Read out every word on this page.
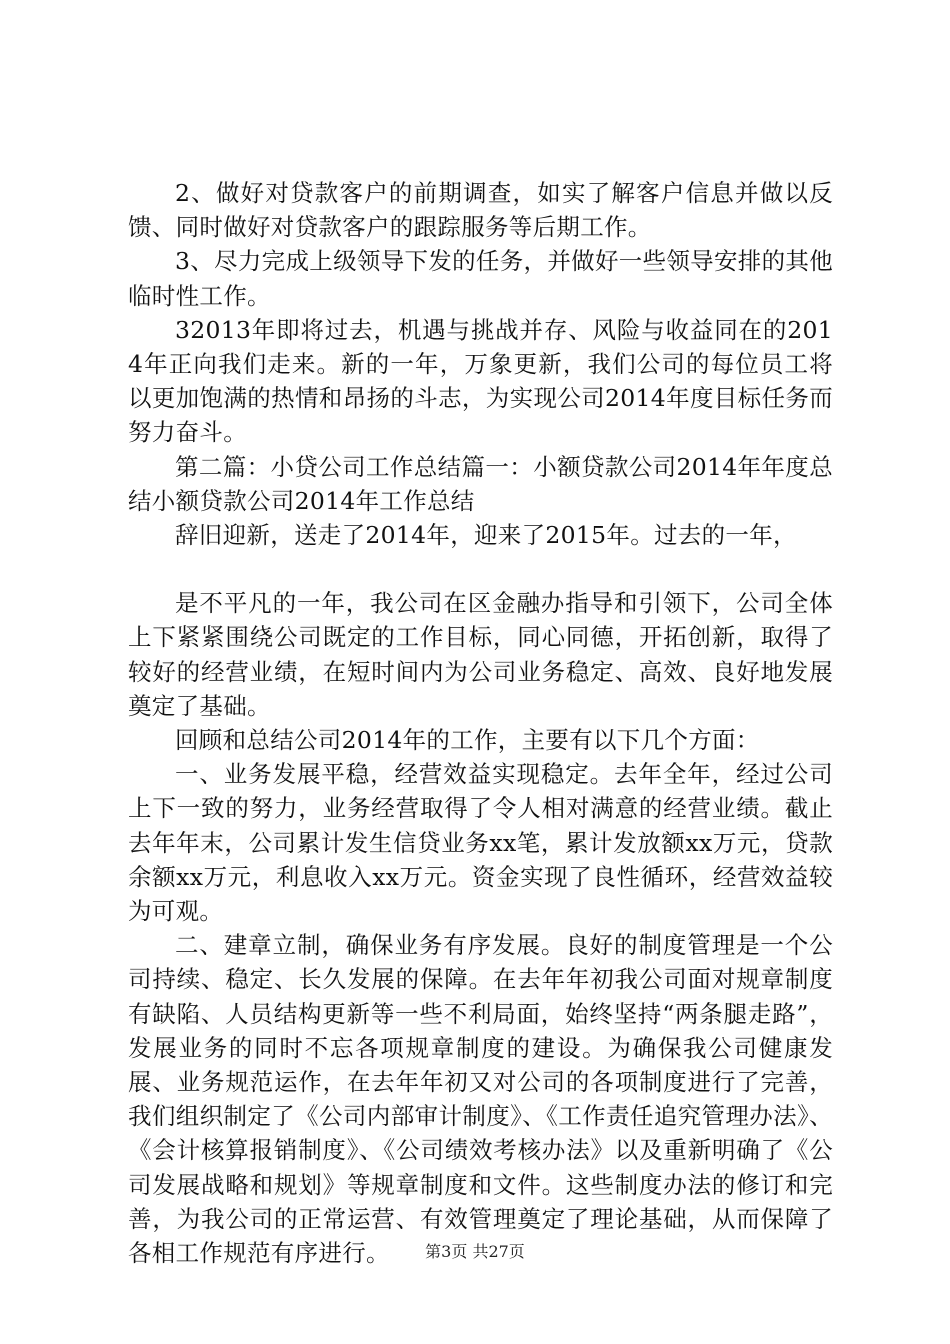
2、做好对贷款客户的前期调查，如实了解客户信息并做以反馈、同时做好对贷款客户的跟踪服务等后期工作。

3、尽力完成上级领导下发的任务，并做好一些领导安排的其他临时性工作。

32013年即将过去，机遇与挑战并存、风险与收益同在的2014年正向我们走来。新的一年，万象更新，我们公司的每位员工将以更加饱满的热情和昂扬的斗志，为实现公司2014年度目标任务而努力奋斗。

第二篇：小贷公司工作总结篇一：小额贷款公司2014年年度总结小额贷款公司2014年工作总结

辞旧迎新，送走了2014年，迎来了2015年。过去的一年，

是不平凡的一年，我公司在区金融办指导和引领下，公司全体上下紧紧围绕公司既定的工作目标，同心同德，开拓创新，取得了较好的经营业绩，在短时间内为公司业务稳定、高效、良好地发展奠定了基础。

回顾和总结公司2014年的工作，主要有以下几个方面：

一、业务发展平稳，经营效益实现稳定。去年全年，经过公司上下一致的努力，业务经营取得了令人相对满意的经营业绩。截止去年年末，公司累计发生信贷业务xx笔，累计发放额xx万元，贷款余额xx万元，利息收入xx万元。资金实现了良性循环，经营效益较为可观。

二、建章立制，确保业务有序发展。良好的制度管理是一个公司持续、稳定、长久发展的保障。在去年年初我公司面对规章制度有缺陷、人员结构更新等一些不利局面，始终坚持“两条腿走路”，发展业务的同时不忘各项规章制度的建设。为确保我公司健康发展、业务规范运作，在去年年初又对公司的各项制度进行了完善，我们组织制定了《公司内部审计制度》、《工作责任追究管理办法》、《会计核算报销制度》、《公司绩效考核办法》以及重新明确了《公司发展战略和规划》等规章制度和文件。这些制度办法的修订和完善，为我公司的正常运营、有效管理奠定了理论基础，从而保障了各相工作规范有序进行。	第3页 共27页
